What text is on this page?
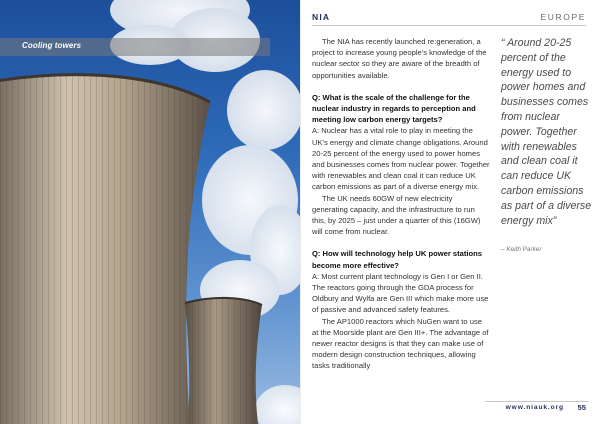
Cooling towers
NIA	EUROPE

The NIA has recently launched re:generation, a project to increase young people's knowledge of the nuclear sector so they are aware of the breadth of opportunities available.

Q: What is the scale of the challenge for the nuclear industry in regards to perception and meeting low carbon energy targets?

A: Nuclear has a vital role to play in meeting the UK's energy and climate change obligations. Around 20-25 percent of the energy used to power homes and businesses comes from nuclear power. Together with renewables and clean coal it can reduce UK carbon emissions as part of a diverse energy mix.

The UK needs 60GW of new electricity generating capacity, and the infrastructure to run this, by 2025 – just under a quarter of this (16GW) will come from nuclear.

Q: How will technology help UK power stations become more effective?

A: Most current plant technology is Gen I or Gen II. The reactors going through the GDA process for Oldbury and Wylfa are Gen III which make more use of passive and advanced safety features.

The AP1000 reactors which NuGen want to use at the Moorside plant are Gen III+. The advantage of newer reactor designs is that they can make use of modern design construction techniques, allowing tasks traditionally

“ Around 20-25 percent of the energy used to power homes and businesses comes from nuclear power. Together with renewables and clean coal it can reduce UK carbon emissions as part of a diverse energy mix”
– Keith Parker
www.niauk.org 55
